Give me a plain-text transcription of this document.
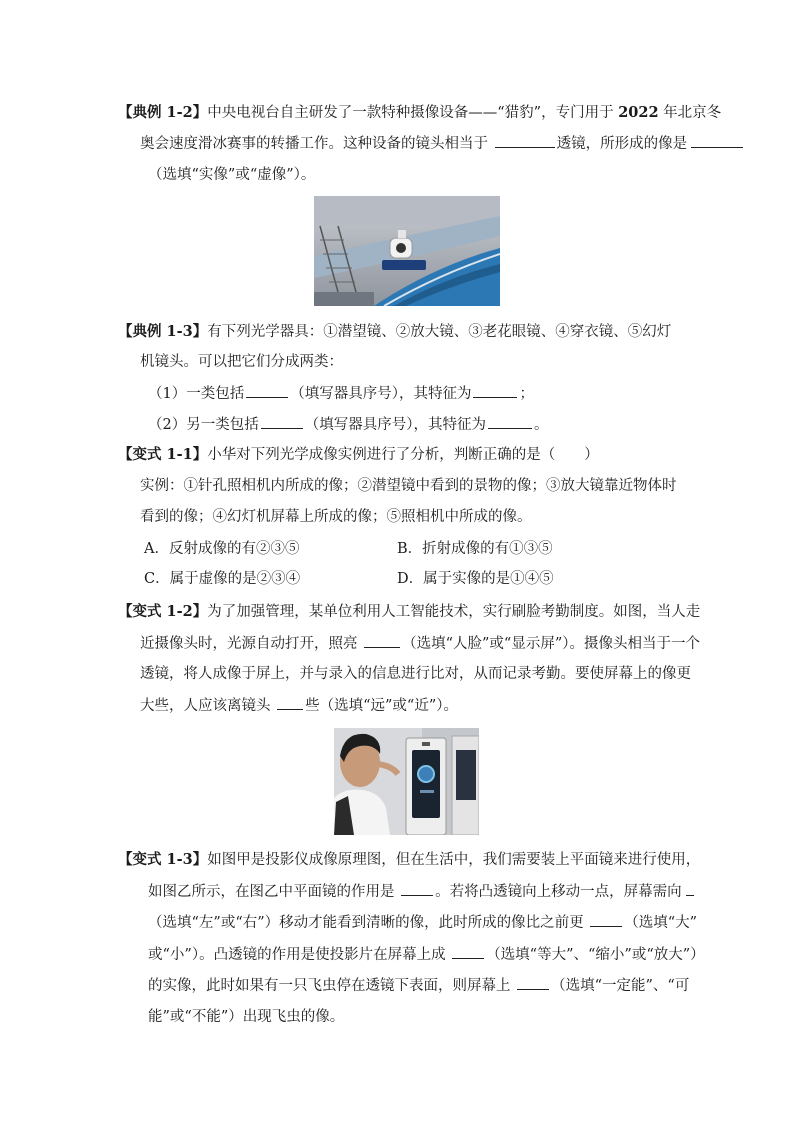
【典例 1-2】中央电视台自主研发了一款特种摄像设备——“猎豹”，专门用于 2022 年北京冬
奥会速度滑冰赛事的转播工作。这种设备的镜头相当于	透镜，所形成的像是
（选填“实像”或“虚像”）。
【典例 1-3】有下列光学器具：①潜望镜、②放大镜、③老花眼镜、④穿衣镜、⑤幻灯
机镜头。可以把它们分成两类：
（1）一类包括	（填写器具序号），其特征为	；
（2）另一类包括	（填写器具序号），其特征为	。
【变式 1-1】小华对下列光学成像实例进行了分析，判断正确的是（　　）
实例：①针孔照相机内所成的像；②潜望镜中看到的景物的像；③放大镜靠近物体时
看到的像；④幻灯机屏幕上所成的像；⑤照相机中所成的像。
A．反射成像的有②③⑤	B．折射成像的有①③⑤
C．属于虚像的是②③④	D．属于实像的是①④⑤
【变式 1-2】为了加强管理，某单位利用人工智能技术，实行刷脸考勤制度。如图，当人走
近摄像头时，光源自动打开，照亮	（选填“人脸”或“显示屏”）。摄像头相当于一个
透镜，将人成像于屏上，并与录入的信息进行比对，从而记录考勤。要使屏幕上的像更
大些，人应该离镜头 些（选填“远”或“近”）。
【变式 1-3】如图甲是投影仪成像原理图，但在生活中，我们需要装上平面镜来进行使用，
如图乙所示，在图乙中平面镜的作用是 。若将凸透镜向上移动一点，屏幕需向
（选填“左”或“右”）移动才能看到清晰的像，此时所成的像比之前更 （选填“大”
或“小”）。凸透镜的作用是使投影片在屏幕上成 （选填“等大”、“缩小”或“放大”）
的实像，此时如果有一只飞虫停在透镜下表面，则屏幕上 （选填“一定能”、“可
能”或“不能”）出现飞虫的像。
